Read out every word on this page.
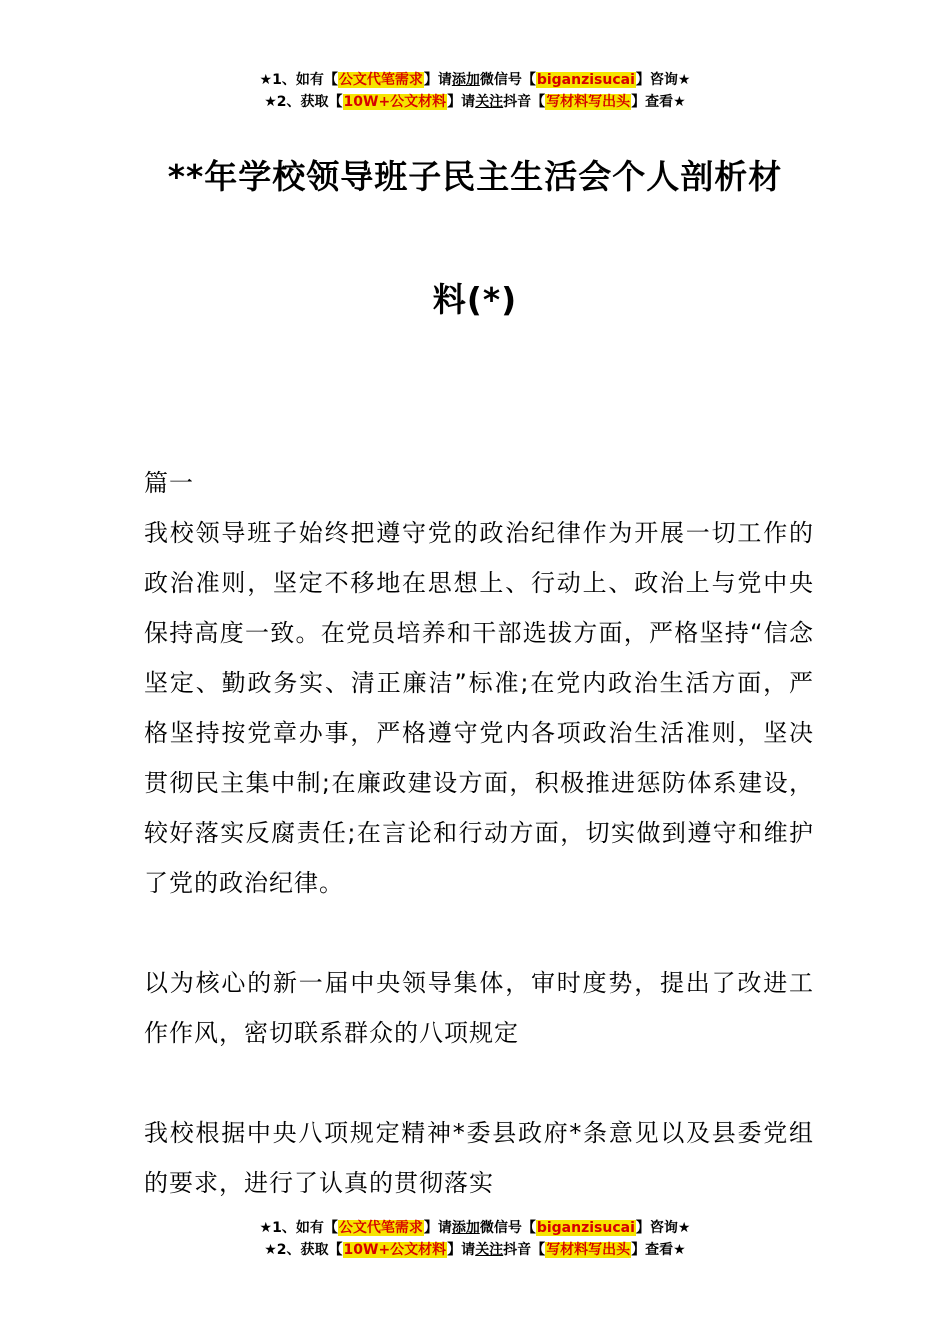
★1、如有【公文代笔需求】请添加微信号【biganzisucai】咨询★
★2、获取【10W+公文材料】请关注抖音【写材料写出头】查看★
**年学校领导班子民主生活会个人剖析材
料(*)

篇一

我校领导班子始终把遵守党的政治纪律作为开展一切工作的政治准则，坚定不移地在思想上、行动上、政治上与党中央保持高度一致。在党员培养和干部选拔方面，严格坚持“信念坚定、勤政务实、清正廉洁”标准;在党内政治生活方面，严格坚持按党章办事，严格遵守党内各项政治生活准则，坚决贯彻民主集中制;在廉政建设方面，积极推进惩防体系建设，较好落实反腐责任;在言论和行动方面，切实做到遵守和维护了党的政治纪律。

以为核心的新一届中央领导集体，审时度势，提出了改进工作作风，密切联系群众的八项规定

我校根据中央八项规定精神*委县政府*条意见以及县委党组的要求，进行了认真的贯彻落实

★1、如有【公文代笔需求】请添加微信号【biganzisucai】咨询★
★2、获取【10W+公文材料】请关注抖音【写材料写出头】查看★
